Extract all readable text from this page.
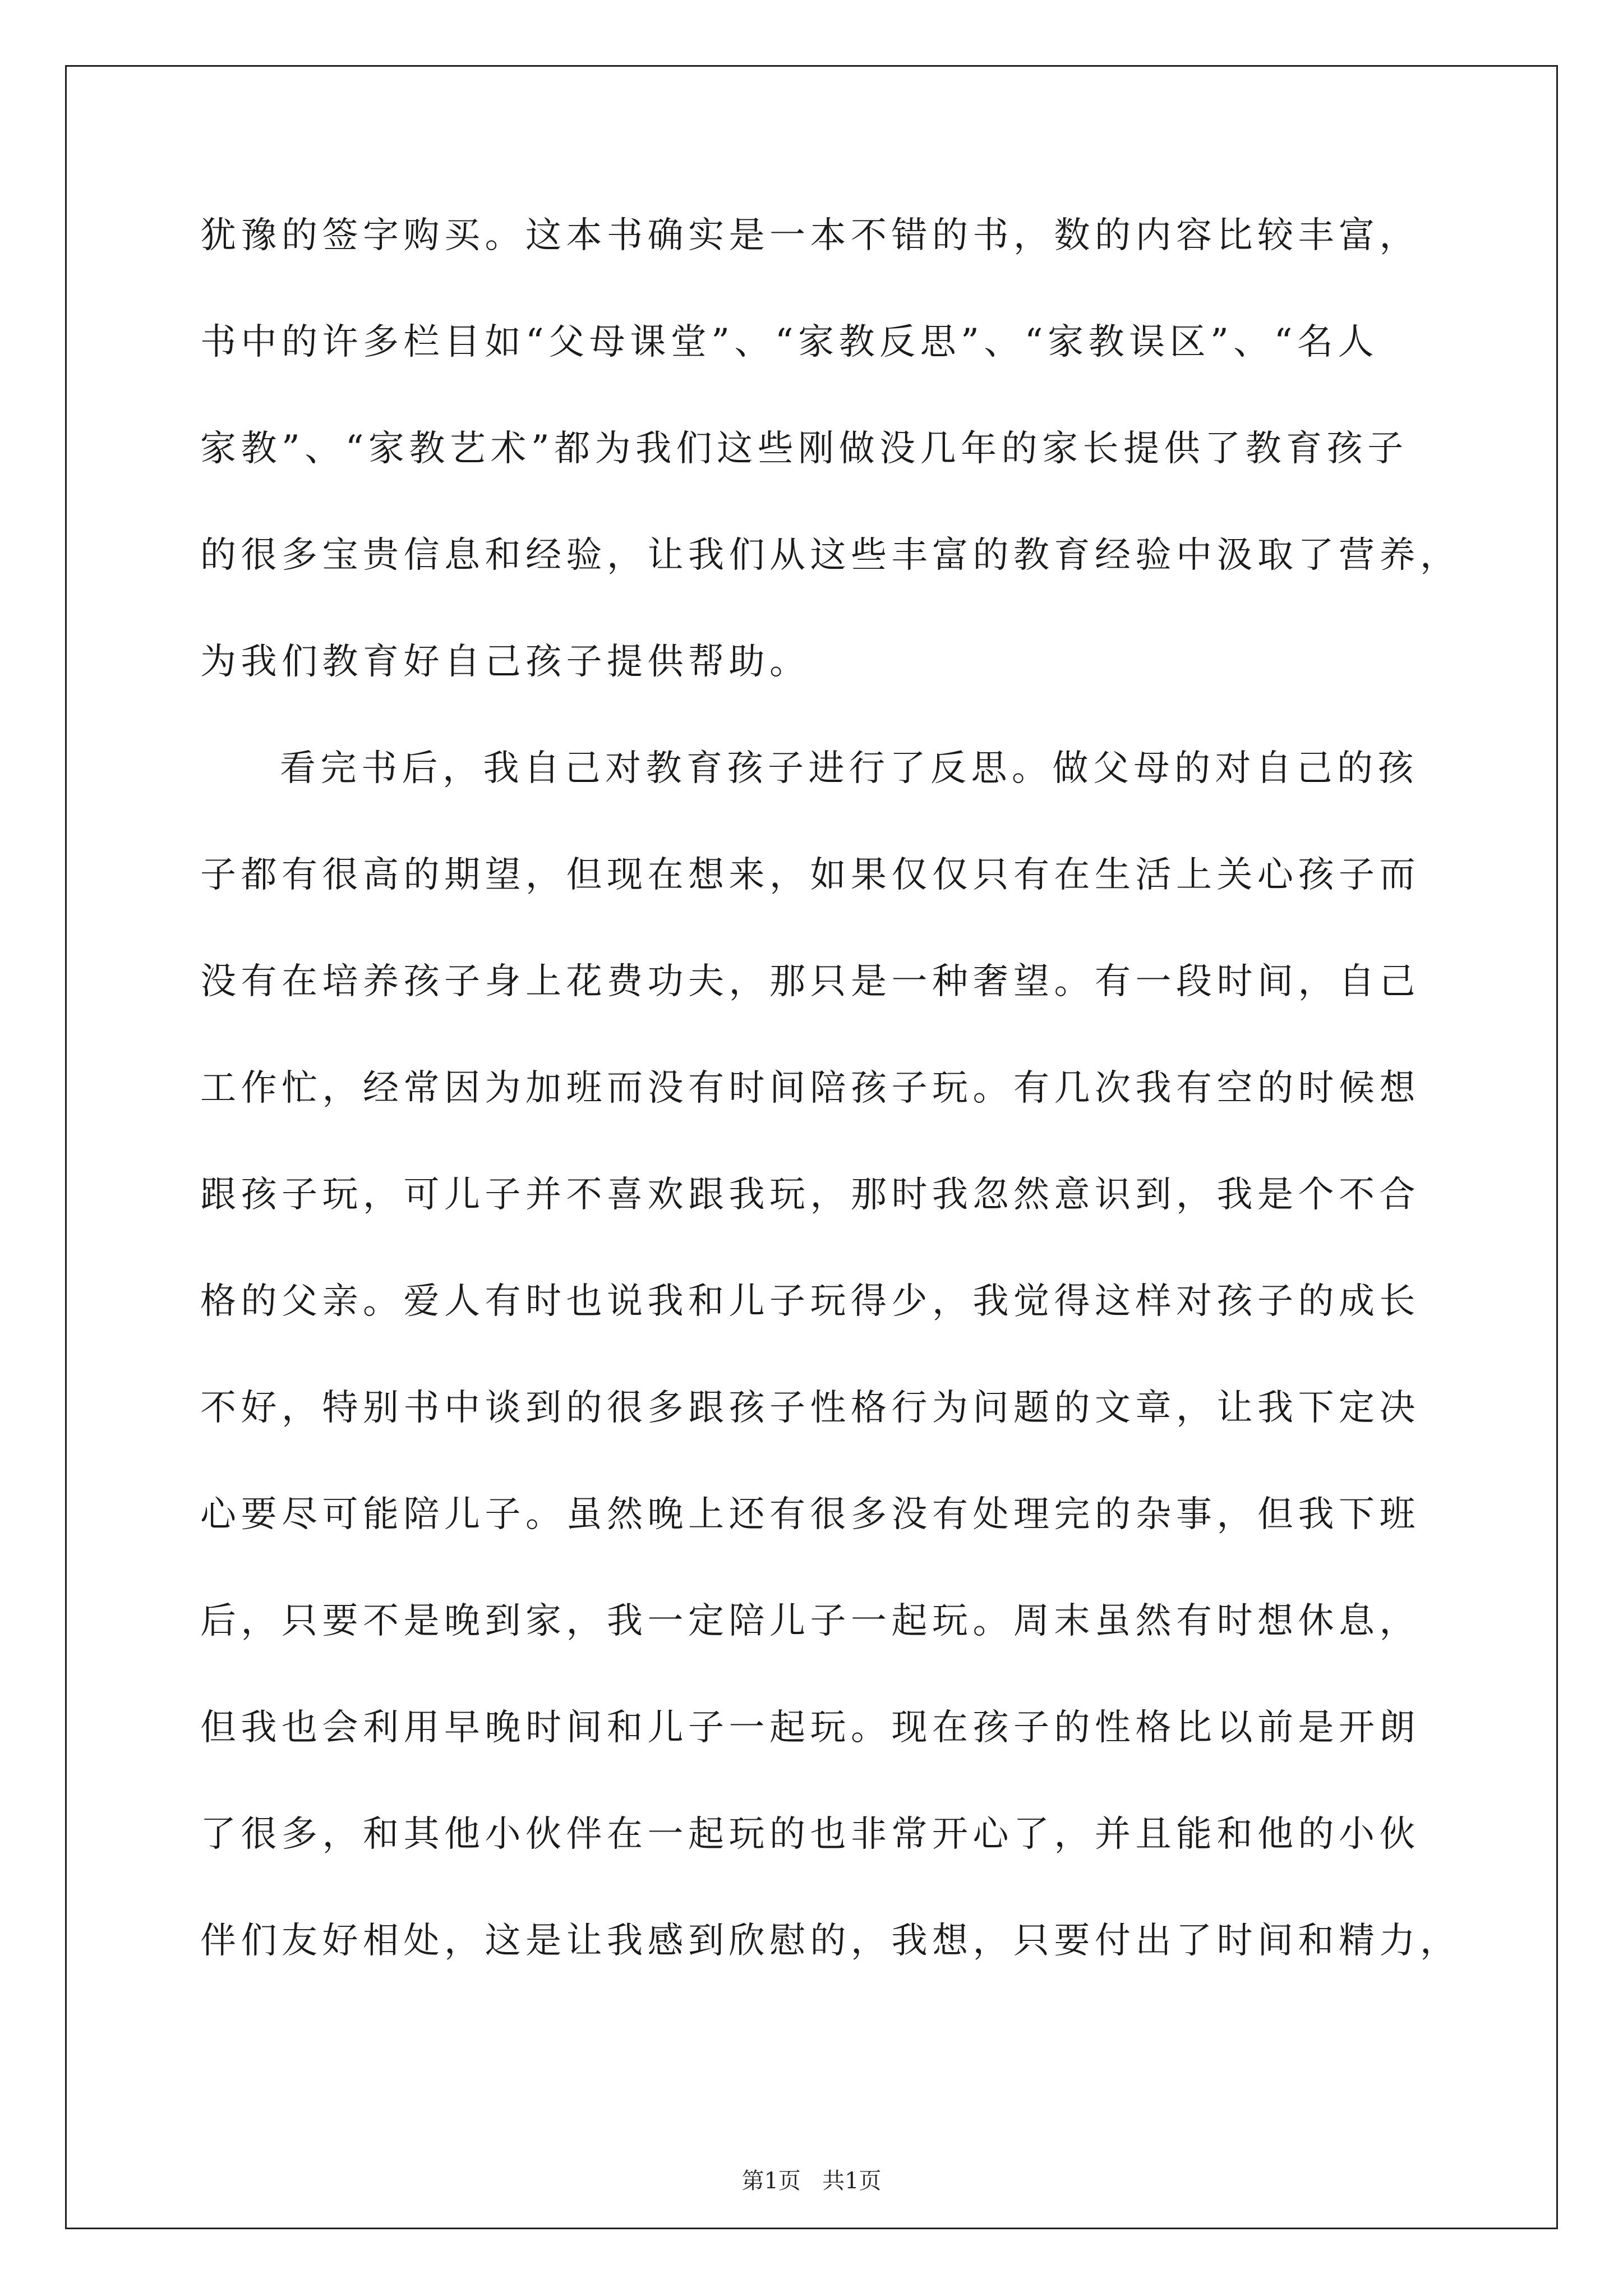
犹豫的签字购买。这本书确实是一本不错的书，数的内容比较丰富，
书中的许多栏目如“父母课堂”、“家教反思”、“家教误区”、“名人
家教”、“家教艺术”都为我们这些刚做没几年的家长提供了教育孩子
的很多宝贵信息和经验，让我们从这些丰富的教育经验中汲取了营养，
为我们教育好自己孩子提供帮助。
看完书后，我自己对教育孩子进行了反思。做父母的对自己的孩
子都有很高的期望，但现在想来，如果仅仅只有在生活上关心孩子而
没有在培养孩子身上花费功夫，那只是一种奢望。有一段时间，自己
工作忙，经常因为加班而没有时间陪孩子玩。有几次我有空的时候想
跟孩子玩，可儿子并不喜欢跟我玩，那时我忽然意识到，我是个不合
格的父亲。爱人有时也说我和儿子玩得少，我觉得这样对孩子的成长
不好，特别书中谈到的很多跟孩子性格行为问题的文章，让我下定决
心要尽可能陪儿子。虽然晚上还有很多没有处理完的杂事，但我下班
后，只要不是晚到家，我一定陪儿子一起玩。周末虽然有时想休息，
但我也会利用早晚时间和儿子一起玩。现在孩子的性格比以前是开朗
了很多，和其他小伙伴在一起玩的也非常开心了，并且能和他的小伙
伴们友好相处，这是让我感到欣慰的，我想，只要付出了时间和精力，
第1页 共1页
